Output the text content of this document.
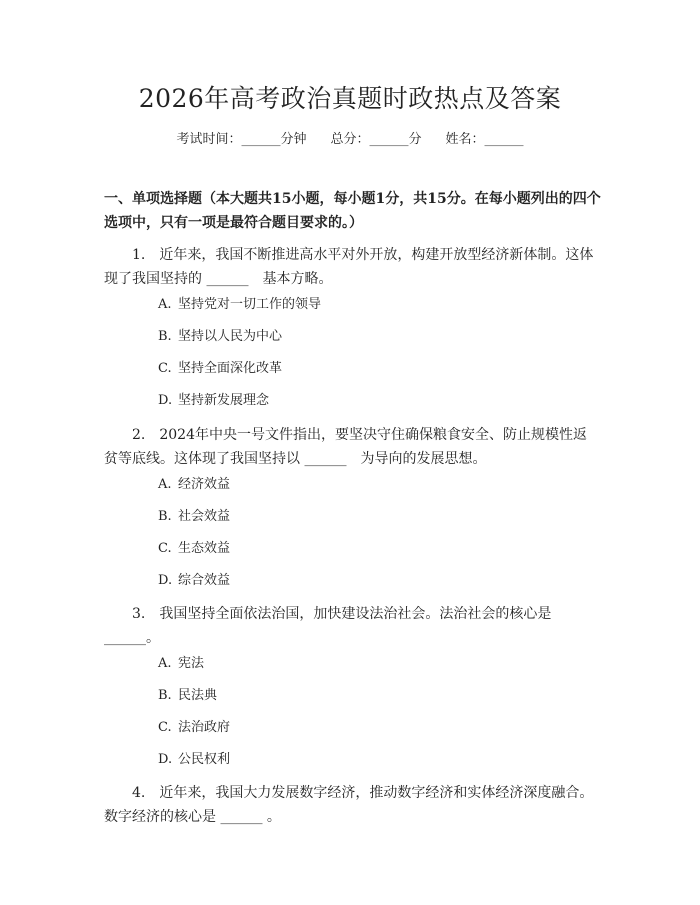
2026年高考政治真题时政热点及答案
考试时间：______分钟 总分：______分 姓名：______

一、单项选择题（本大题共15小题，每小题1分，共15分。在每小题列出的四个选项中，只有一项是最符合题目要求的。）

1.　近年来，我国不断推进高水平对外开放，构建开放型经济新体制。这体现了我国坚持的 ______　基本方略。

A. 坚持党对一切工作的领导
B. 坚持以人民为中心
C. 坚持全面深化改革
D. 坚持新发展理念

2.　2024年中央一号文件指出，要坚决守住确保粮食安全、防止规模性返贫等底线。这体现了我国坚持以 ______　为导向的发展思想。

A. 经济效益
B. 社会效益
C. 生态效益
D. 综合效益

3.　我国坚持全面依法治国，加快建设法治社会。法治社会的核心是______。

A. 宪法
B. 民法典
C. 法治政府
D. 公民权利

4.　近年来，我国大力发展数字经济，推动数字经济和实体经济深度融合。数字经济的核心是 ______ 。
